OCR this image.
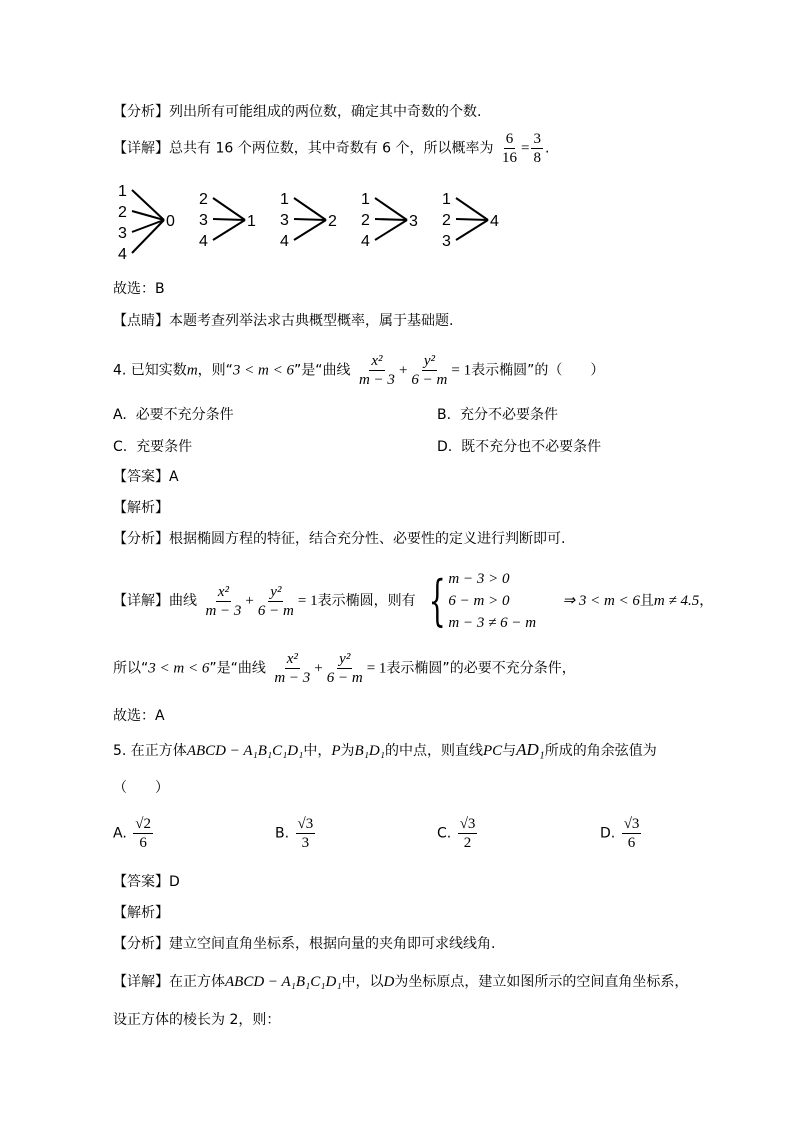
【分析】列出所有可能组成的两位数，确定其中奇数的个数.
【详解】总共有 16 个两位数，其中奇数有 6 个，所以概率为 $\frac{6}{16} = \frac{3}{8}$ .
1
2
3
4
0
2
3
4
1
1
3
4
2
1
2
4
3
1
2
3
4
故选：B
【点睛】本题考查列举法求古典概型概率，属于基础题.
4. 已知实数m，则“3 < m < 6”是“曲线 $\frac{\text{x²}}{m - 3} + \frac{\text{y²}}{6 - m} = 1$表示椭圆”的（　　）
A. 必要不充分条件	B. 充分不必要条件
C. 充要条件	D. 既不充分也不必要条件
【答案】A
【解析】
【分析】根据椭圆方程的特征，结合充分性、必要性的定义进行判断即可.
【详解】曲线 $\frac{\text{x²}}{m - 3} + \frac{\text{y²}}{6 - m} = 1$表示椭圆，则有 { m − 3 > 0
6 − m > 0
m − 3 ≠ 6 − m
⇒ 3 < m < 6且m ≠ 4.5，
所以“3 < m < 6”是“曲线 $\frac{\text{x²}}{m - 3} + \frac{\text{y²}}{6 - m} = 1$表示椭圆”的必要不充分条件，
故选：A
5. 在正方体ABCD − A₁B₁C₁D₁中，P为B₁D₁的中点，则直线PC与AD₁所成的角余弦值为
（　　）
A. $\frac{√2}{6}$	B. $\frac{√3}{3}$	C. $\frac{√3}{2}$	D. $\frac{√3}{6}$
【答案】D
【解析】
【分析】建立空间直角坐标系，根据向量的夹角即可求线线角.
【详解】在正方体ABCD − A₁B₁C₁D₁中，以D为坐标原点，建立如图所示的空间直角坐标系，
设正方体的棱长为 2，则：
